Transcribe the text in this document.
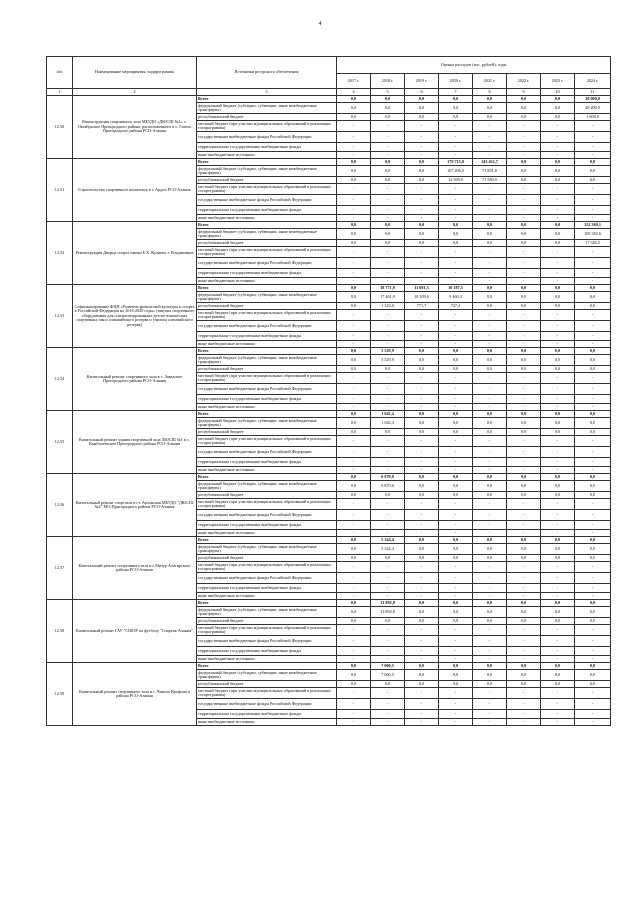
4
п/п	Наименование мероприятия, подпрограммы	Источники ресурсного обеспечения	Оценка расходов (тыс. рублей), годы							
			2017 г.	2018 г.	2019 г.	2020 г.	2021 г.	2022 г.	2023 г.	2024 г.
1	2	3	4	5	6	7	8	9	10	11
12.50	Реконструкция спортивного зала МБУДО «ДЮСШ №1» с. Октябрьское Пригородного района, расположенного в с. Гизель Пригородного района РСО-Алания	Всего	0,0	0,0	0,0	0,0	0,0	0,0	0,0	30 000,0
		федеральный бюджет (субсидии, субвенции, иные межбюджетные трансферты)	0,0	0,0	0,0	0,0	0,0	0,0	0,0	28 200,0
		республиканский бюджет	0,0	0,0	0,0	0,0	0,0	0,0	0,0	1 800,0
		местный бюджет (при участии муниципальных образований в реализации госпрограммы)	-	-	-	-	-	-	-	-
		государственные внебюджетные фонды Российской Федерации	-	-	-	-	-	-	-	-
		территориальные государственные внебюджетные фонды	-	-	-	-	-	-	-	-
		иные внебюджетные источники	-	-	-	-	-	-	-	-
12.51	Строительство спортивного комплекса в г. Ардон РСО-Алания	Всего	0,0	0,0	0,0	179 715,0	143 432,7	0,0	0,0	0,0
		федеральный бюджет (субсидии, субвенции, иные межбюджетные трансферты)	0,0	0,0	0,0	167 206,0	71 851,8	0,0	0,0	0,0
		республиканский бюджет	0,0	0,0	0,0	12 509,0	71 580,9	0,0	0,0	0,0
		местный бюджет (при участии муниципальных образований в реализации госпрограммы)	-	-	-	-	-	-	-	-
		государственные внебюджетные фонды Российской Федерации	-	-	-	-	-	-	-	-
		территориальные государственные внебюджетные фонды	-	-	-	-	-	-	-	-
		иные внебюджетные источники	-	-	-	-	-	-	-	-
12.52	Реконструкция Дворца спорта имени Б.Х. Кулиева, г. Владикавказ	Всего	0,0	0,0	0,0	0,0	0,0	0,0	0,0	152 369,1
		федеральный бюджет (субсидии, субвенции, иные межбюджетные трансферты)	0,0	0,0	0,0	0,0	0,0	0,0	0,0	109 382,6
		республиканский бюджет	0,0	0,0	0,0	0,0	0,0	0,0	0,0	17 326,5
		местный бюджет (при участии муниципальных образований в реализации госпрограммы)	-	-	-	-	-	-	-	-
		государственные внебюджетные фонды Российской Федерации	-	-	-	-	-	-	-	-
		территориальные государственные внебюджетные фонды	-	-	-	-	-	-	-	-
		иные внебюджетные источники	-	-	-	-	-	-	-	-
12.53	Софинансирование ФЦП «Развитие физической культуры и спорта в Российской Федерации на 2016-2020 годы» (закупка спортивного оборудования для специализированных детско-юношеских спортивных школ олимпийского резерва и училищ олимпийского резерва)	Всего	0,0	18 771,9	11 081,3	10 187,5	0,0	0,0	0,0	0,0
		федеральный бюджет (субсидии, субвенции, иные межбюджетные трансферты)	0,0	17 461,9	10 309,6	9 460,3	0,0	0,0	0,0	0,0
		республиканский бюджет	0,0	1 310,0	771,7	727,2	0,0	0,0	0,0	0,0
		местный бюджет (при участии муниципальных образований в реализации госпрограммы)	-	-	-	-	-	-	-	-
		государственные внебюджетные фонды Российской Федерации	-	-	-	-	-	-	-	-
		территориальные государственные внебюджетные фонды	-	-	-	-	-	-	-	-
		иные внебюджетные источники	-	-	-	-	-	-	-	-
12.54	Капитальный ремонт спортивного зала в с. Завадское Пригородного района РСО-Алания	Всего	0,0	5 529,9	0,0	0,0	0,0	0,0	0,0	0,0
		федеральный бюджет (субсидии, субвенции, иные межбюджетные трансферты)	0,0	5 529,9	0,0	0,0	0,0	0,0	0,0	0,0
		республиканский бюджет	0,0	0,0	0,0	0,0	0,0	0,0	0,0	0,0
		местный бюджет (при участии муниципальных образований в реализации госпрограммы)	-	-	-	-	-	-	-	-
		государственные внебюджетные фонды Российской Федерации	-	-	-	-	-	-	-	-
		территориальные государственные внебюджетные фонды	-	-	-	-	-	-	-	-
		иные внебюджетные источники	-	-	-	-	-	-	-	-
12.55	Капитальный ремонт здания спортивной зала ДЮСШ №1 в с. Камбилеевское Пригородного района РСО-Алания	Всего	0,0	1 042,4	0,0	0,0	0,0	0,0	0,0	0,0
		федеральный бюджет (субсидии, субвенции, иные межбюджетные трансферты)	0,0	1 042,4	0,0	0,0	0,0	0,0	0,0	0,0
		республиканский бюджет	0,0	0,0	0,0	0,0	0,0	0,0	0,0	0,0
		местный бюджет (при участии муниципальных образований в реализации госпрограммы)	-	-	-	-	-	-	-	-
		государственные внебюджетные фонды Российской Федерации	-	-	-	-	-	-	-	-
		территориальные государственные внебюджетные фонды	-	-	-	-	-	-	-	-
		иные внебюджетные источники	-	-	-	-	-	-	-	-
12.56	Капитальный ремонт спортзала в ст. Архонская МБУДО "ДЮСШ №2" МО-Пригородного района РСО-Алания	Всего	0,0	6 870,0	0,0	0,0	0,0	0,0	0,0	0,0
		федеральный бюджет (субсидии, субвенции, иные межбюджетные трансферты)	0,0	6 870,0	0,0	0,0	0,0	0,0	0,0	0,0
		республиканский бюджет	0,0	0,0	0,0	0,0	0,0	0,0	0,0	0,0
		местный бюджет (при участии муниципальных образований в реализации госпрограммы)	-	-	-	-	-	-	-	-
		государственные внебюджетные фонды Российской Федерации	-	-	-	-	-	-	-	-
		территориальные государственные внебюджетные фонды	-	-	-	-	-	-	-	-
		иные внебюджетные источники	-	-	-	-	-	-	-	-
12.57	Капитальный ремонт спортивного зала в с.Мизур Алагирского района РСО-Алания	Всего	0,0	5 324,4	0,0	0,0	0,0	0,0	0,0	0,0
		федеральный бюджет (субсидии, субвенции, иные межбюджетные трансферты)	0,0	5 324,4	0,0	0,0	0,0	0,0	0,0	0,0
		республиканский бюджет	0,0	0,0	0,0	0,0	0,0	0,0	0,0	0,0
		местный бюджет (при участии муниципальных образований в реализации госпрограммы)	-	-	-	-	-	-	-	-
		государственные внебюджетные фонды Российской Федерации	-	-	-	-	-	-	-	-
		территориальные государственные внебюджетные фонды	-	-	-	-	-	-	-	-
		иные внебюджетные источники	-	-	-	-	-	-	-	-
12.58	Капитальный ремонт ГАУ "СШОР по футболу "Спартак-Алания"	Всего	0,0	13 892,8	0,0	0,0	0,0	0,0	0,0	0,0
		федеральный бюджет (субсидии, субвенции, иные межбюджетные трансферты)	0,0	13 892,8	0,0	0,0	0,0	0,0	0,0	0,0
		республиканский бюджет	0,0	0,0	0,0	0,0	0,0	0,0	0,0	0,0
		местный бюджет (при участии муниципальных образований в реализации госпрограммы)	-	-	-	-	-	-	-	-
		государственные внебюджетные фонды Российской Федерации	-	-	-	-	-	-	-	-
		территориальные государственные внебюджетные фонды	-	-	-	-	-	-	-	-
		иные внебюджетные источники	-	-	-	-	-	-	-	-
12.59	Капитальный ремонт спортивного зала в с. Чикола Ирафского района РСО-Алания	Всего	0,0	7 060,5	0,0	0,0	0,0	0,0	0,0	0,0
		федеральный бюджет (субсидии, субвенции, иные межбюджетные трансферты)	0,0	7 060,5	0,0	0,0	0,0	0,0	0,0	0,0
		республиканский бюджет	0,0	0,0	0,0	0,0	0,0	0,0	0,0	0,0
		местный бюджет (при участии муниципальных образований в реализации госпрограммы)	-	-	-	-	-	-	-	-
		государственные внебюджетные фонды Российской Федерации	-	-	-	-	-	-	-	-
		территориальные государственные внебюджетные фонды	-	-	-	-	-	-	-	-
		иные внебюджетные источники	-	-	-	-	-	-	-	-
